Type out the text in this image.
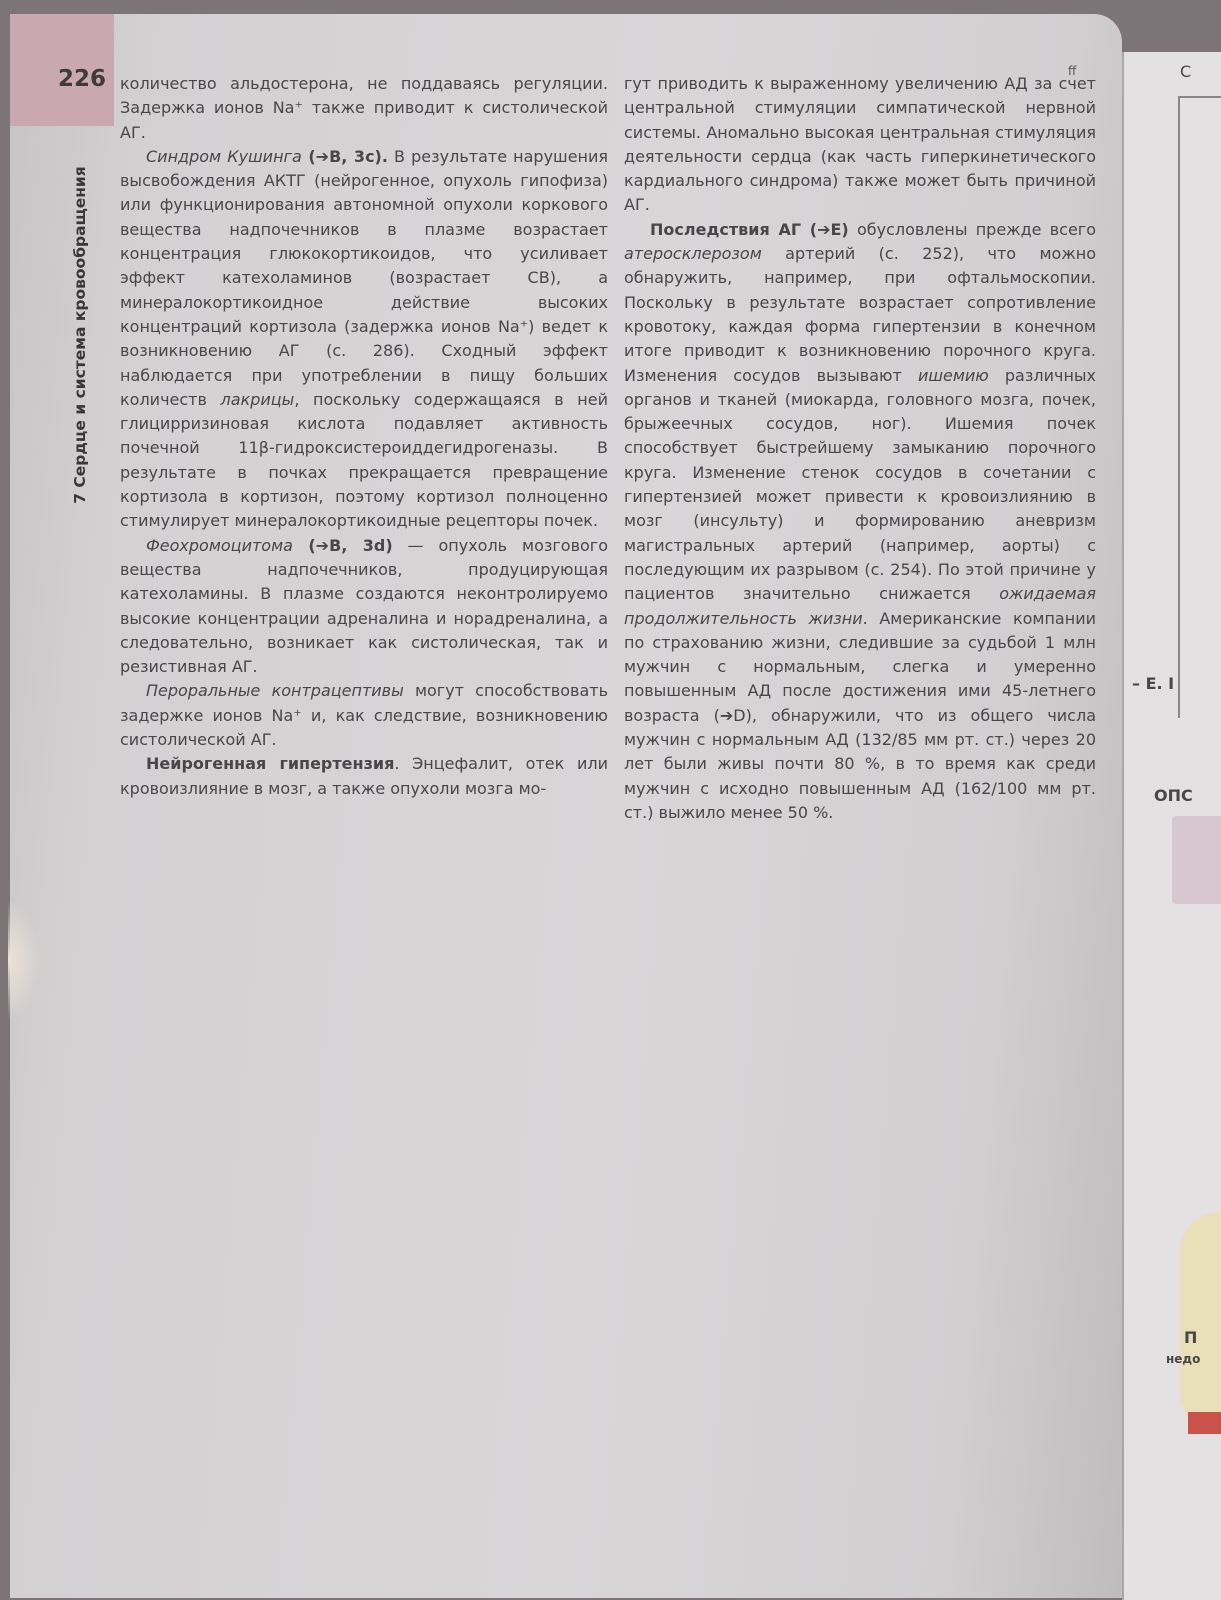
226
7 Сердце и система кровообращения
ff

количество альдостерона, не поддаваясь регуляции. Задержка ионов Na⁺ также приводит к систолической АГ.

Синдром Кушинга (➔B, 3c). В результате нарушения высвобождения АКТГ (нейрогенное, опухоль гипофиза) или функционирования автономной опухоли коркового вещества надпочечников в плазме возрастает концентрация глюкокортикоидов, что усиливает эффект катехоламинов (возрастает СВ), а минералокортикоидное действие высоких концентраций кортизола (задержка ионов Na⁺) ведет к возникновению АГ (с. 286). Сходный эффект наблюдается при употреблении в пищу больших количеств лакрицы, поскольку содержащаяся в ней глицирризиновая кислота подавляет активность почечной 11β-гидроксистероиддегидрогеназы. В результате в почках прекращается превращение кортизола в кортизон, поэтому кортизол полноценно стимулирует минералокортикоидные рецепторы почек.

Феохромоцитома (➔B, 3d) — опухоль мозгового вещества надпочечников, продуцирующая катехоламины. В плазме создаются неконтролируемо высокие концентрации адреналина и норадреналина, а следовательно, возникает как систолическая, так и резистивная АГ.

Пероральные контрацептивы могут способствовать задержке ионов Na⁺ и, как следствие, возникновению систолической АГ.

Нейрогенная гипертензия. Энцефалит, отек или кровоизлияние в мозг, а также опухоли мозга мо-

гут приводить к выраженному увеличению АД за счет центральной стимуляции симпатической нервной системы. Аномально высокая центральная стимуляция деятельности сердца (как часть гиперкинетического кардиального синдрома) также может быть причиной АГ.

Последствия АГ (➔E) обусловлены прежде всего атеросклерозом артерий (с. 252), что можно обнаружить, например, при офтальмоскопии. Поскольку в результате возрастает сопротивление кровотоку, каждая форма гипертензии в конечном итоге приводит к возникновению порочного круга. Изменения сосудов вызывают ишемию различных органов и тканей (миокарда, головного мозга, почек, брыжеечных сосудов, ног). Ишемия почек способствует быстрейшему замыканию порочного круга. Изменение стенок сосудов в сочетании с гипертензией может привести к кровоизлиянию в мозг (инсульту) и формированию аневризм магистральных артерий (например, аорты) с последующим их разрывом (с. 254). По этой причине у пациентов значительно снижается ожидаемая продолжительность жизни. Американские компании по страхованию жизни, следившие за судьбой 1 млн мужчин с нормальным, слегка и умеренно повышенным АД после достижения ими 45-летнего возраста (➔D), обнаружили, что из общего числа мужчин с нормальным АД (132/85 мм рт. ст.) через 20 лет были живы почти 80 %, в то время как среди мужчин с исходно повышенным АД (162/100 мм рт. ст.) выжило менее 50 %.

С
– E. I
ОПС
П
недо
